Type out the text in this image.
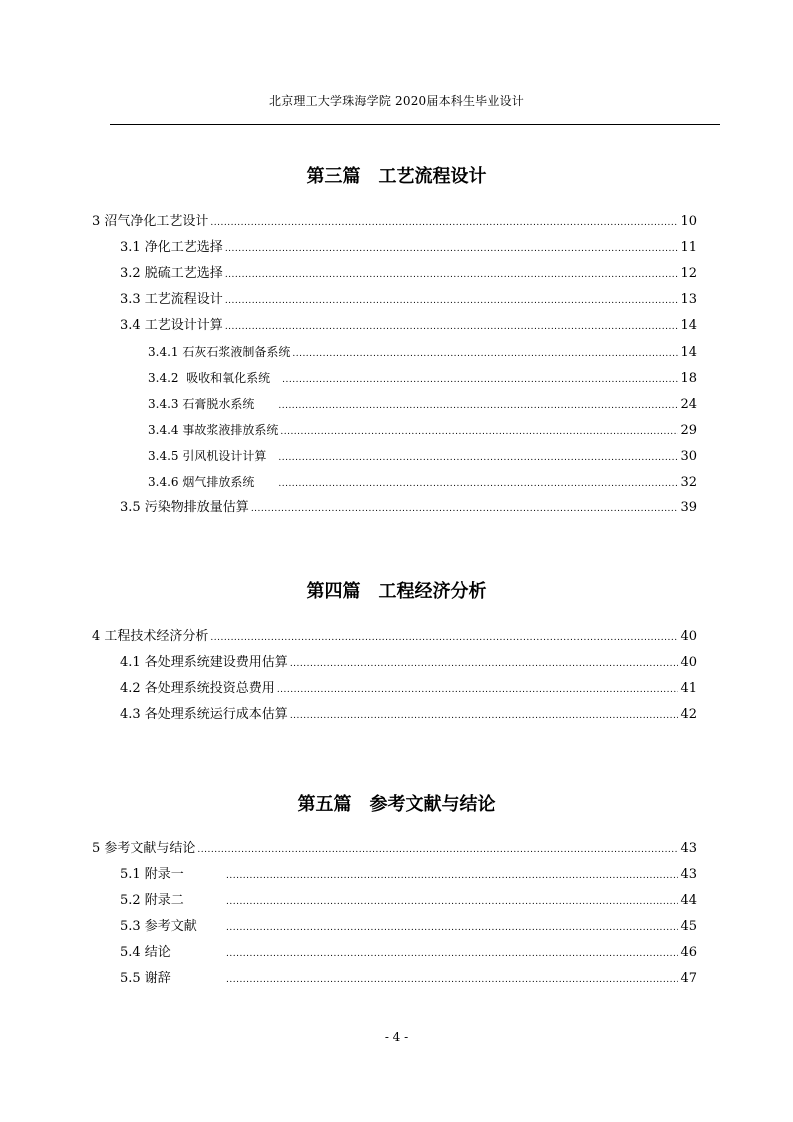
北京理工大学珠海学院 2020届本科生毕业设计
第三篇　工艺流程设计
3 沼气净化工艺设计 .....	10
3.1 净化工艺选择 .....	11
3.2 脱硫工艺选择 .....	12
3.3 工艺流程设计 .....	13
3.4 工艺设计计算 .....	14
3.4.1 石灰石浆液制备系统 .....	14
3.4.2  吸收和氧化系统 .....	18
3.4.3 石膏脱水系统 .....	24
3.4.4 事故浆液排放系统 .....	29
3.4.5 引风机设计计算 .....	30
3.4.6 烟气排放系统 .....	32
3.5 污染物排放量估算 .....	39
第四篇　工程经济分析
4 工程技术经济分析 .....	40
4.1 各处理系统建设费用估算 .....	40
4.2 各处理系统投资总费用 .....	41
4.3 各处理系统运行成本估算 .....	42
第五篇　参考文献与结论
5 参考文献与结论 .....	43
5.1 附录一 .....	43
5.2 附录二 .....	44
5.3 参考文献 .....	45
5.4 结论 .....	46
5.5 谢辞 .....	47
- 4 -
